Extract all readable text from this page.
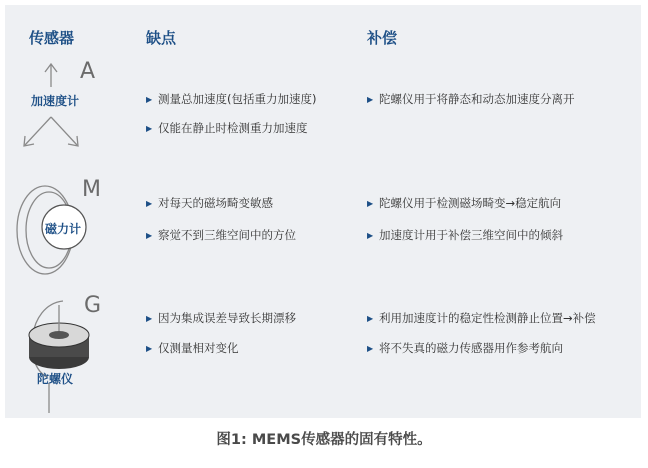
传感器	缺点	补偿
A
M
G
加速度计
磁力计
陀螺仪
▶ 测量总加速度(包括重力加速度)
▶ 仅能在静止时检测重力加速度
▶ 陀螺仪用于将静态和动态加速度分离开
▶ 对每天的磁场畸变敏感
▶ 察觉不到三维空间中的方位
▶ 陀螺仪用于检测磁场畸变→稳定航向
▶ 加速度计用于补偿三维空间中的倾斜
▶ 因为集成误差导致长期漂移
▶ 仅测量相对变化
▶ 利用加速度计的稳定性检测静止位置→补偿
▶ 将不失真的磁力传感器用作参考航向
图1: MEMS传感器的固有特性。
